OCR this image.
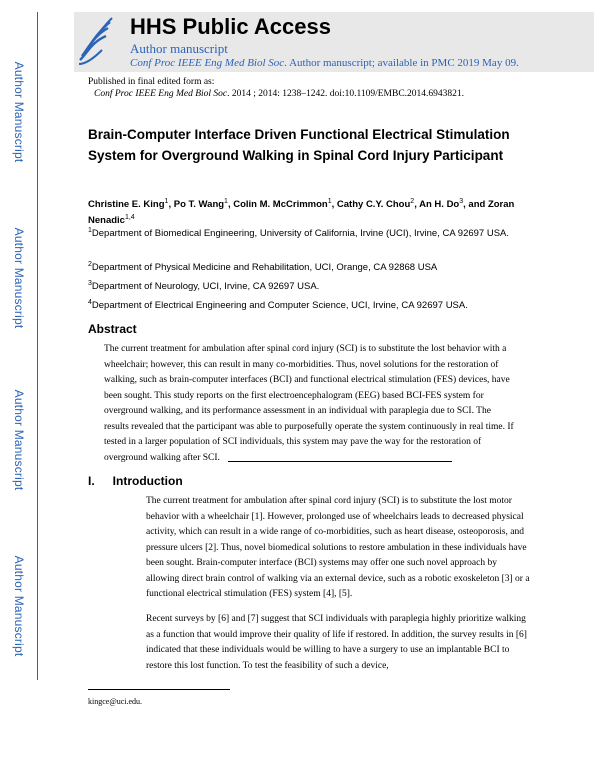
Author Manuscript
Author Manuscript
Author Manuscript
Author Manuscript
HHS Public Access
Author manuscript
Conf Proc IEEE Eng Med Biol Soc. Author manuscript; available in PMC 2019 May 09.
Published in final edited form as:
Conf Proc IEEE Eng Med Biol Soc. 2014 ; 2014: 1238–1242. doi:10.1109/EMBC.2014.6943821.
Brain-Computer Interface Driven Functional Electrical Stimulation System for Overground Walking in Spinal Cord Injury Participant
Christine E. King$^1$, Po T. Wang$^1$, Colin M. McCrimmon$^1$, Cathy C.Y. Chou$^2$, An H. Do$^3$, and Zoran Nenadic$^{1,4}$
$^1$Department of Biomedical Engineering, University of California, Irvine (UCI), Irvine, CA 92697 USA.
$^2$Department of Physical Medicine and Rehabilitation, UCI, Orange, CA 92868 USA
$^3$Department of Neurology, UCI, Irvine, CA 92697 USA.
$^4$Department of Electrical Engineering and Computer Science, UCI, Irvine, CA 92697 USA.
Abstract
The current treatment for ambulation after spinal cord injury (SCI) is to substitute the lost behavior with a wheelchair; however, this can result in many co-morbidities. Thus, novel solutions for the restoration of walking, such as brain-computer interfaces (BCI) and functional electrical stimulation (FES) devices, have been sought. This study reports on the first electroencephalogram (EEG) based BCI-FES system for overground walking, and its performance assessment in an individual with paraplegia due to SCI. The results revealed that the participant was able to purposefully operate the system continuously in real time. If tested in a larger population of SCI individuals, this system may pave the way for the restoration of overground walking after SCI.
I. Introduction
The current treatment for ambulation after spinal cord injury (SCI) is to substitute the lost motor behavior with a wheelchair [1]. However, prolonged use of wheelchairs leads to decreased physical activity, which can result in a wide range of co-morbidities, such as heart disease, osteoporosis, and pressure ulcers [2]. Thus, novel biomedical solutions to restore ambulation in these individuals have been sought. Brain-computer interface (BCI) systems may offer one such novel approach by allowing direct brain control of walking via an external device, such as a robotic exoskeleton [3] or a functional electrical stimulation (FES) system [4], [5].
Recent surveys by [6] and [7] suggest that SCI individuals with paraplegia highly prioritize walking as a function that would improve their quality of life if restored. In addition, the survey results in [6] indicated that these individuals would be willing to have a surgery to use an implantable BCI to restore this lost function. To test the feasibility of such a device,
kingce@uci.edu.
